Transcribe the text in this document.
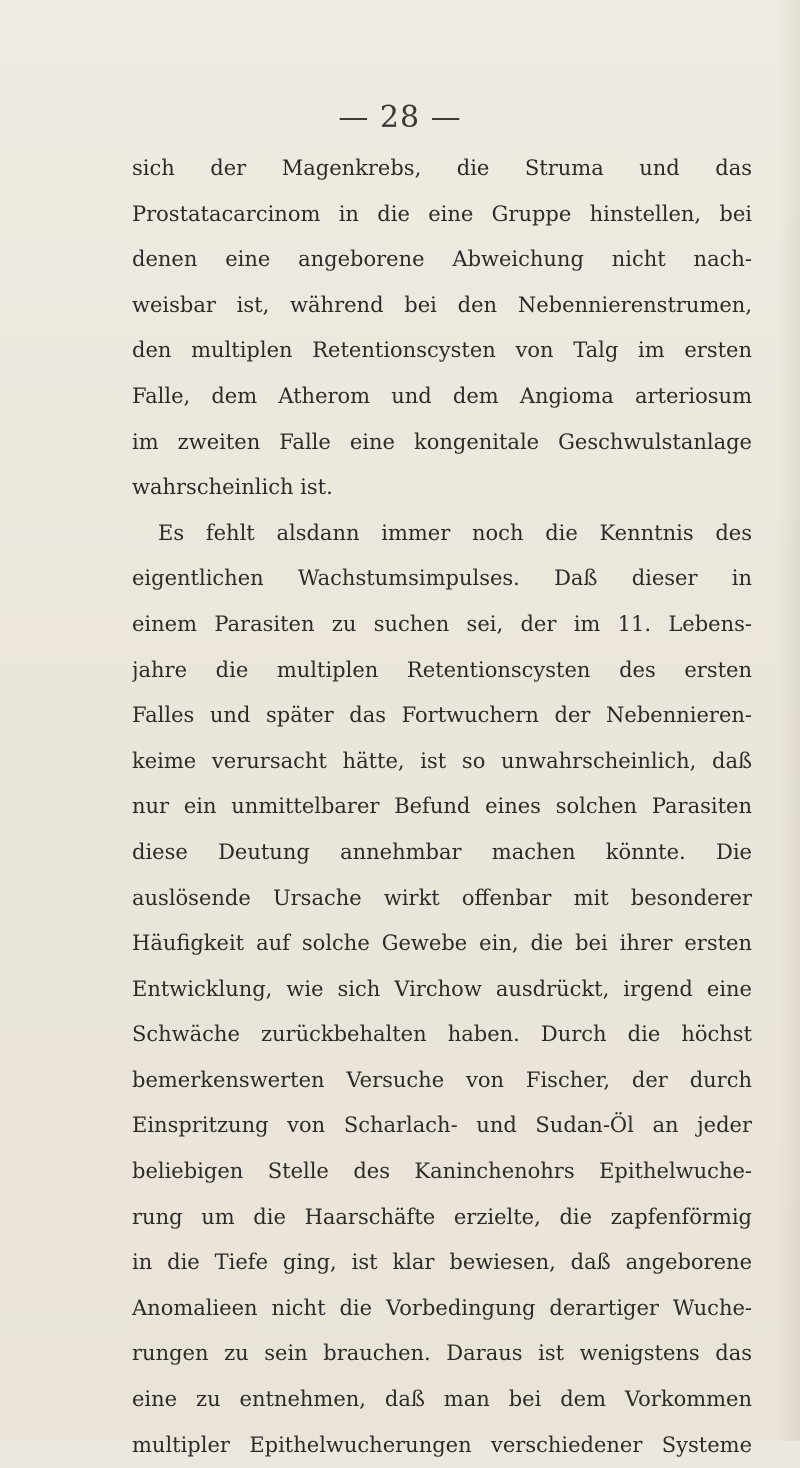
— 28 —
sich der Magenkrebs, die Struma und das
Prostatacarcinom in die eine Gruppe hinstellen, bei
denen eine angeborene Abweichung nicht nach-
weisbar ist, während bei den Nebennierenstrumen,
den multiplen Retentionscysten von Talg im ersten
Falle, dem Atherom und dem Angioma arteriosum
im zweiten Falle eine kongenitale Geschwulstanlage
wahrscheinlich ist.
Es fehlt alsdann immer noch die Kenntnis des
eigentlichen Wachstumsimpulses. Daß dieser in
einem Parasiten zu suchen sei, der im 11. Lebens-
jahre die multiplen Retentionscysten des ersten
Falles und später das Fortwuchern der Nebennieren-
keime verursacht hätte, ist so unwahrscheinlich, daß
nur ein unmittelbarer Befund eines solchen Parasiten
diese Deutung annehmbar machen könnte. Die
auslösende Ursache wirkt offenbar mit besonderer
Häufigkeit auf solche Gewebe ein, die bei ihrer ersten
Entwicklung, wie sich Virchow ausdrückt, irgend eine
Schwäche zurückbehalten haben. Durch die höchst
bemerkenswerten Versuche von Fischer, der durch
Einspritzung von Scharlach- und Sudan-Öl an jeder
beliebigen Stelle des Kaninchenohrs Epithelwuche-
rung um die Haarschäfte erzielte, die zapfenförmig
in die Tiefe ging, ist klar bewiesen, daß angeborene
Anomalieen nicht die Vorbedingung derartiger Wuche-
rungen zu sein brauchen. Daraus ist wenigstens das
eine zu entnehmen, daß man bei dem Vorkommen
multipler Epithelwucherungen verschiedener Systeme
